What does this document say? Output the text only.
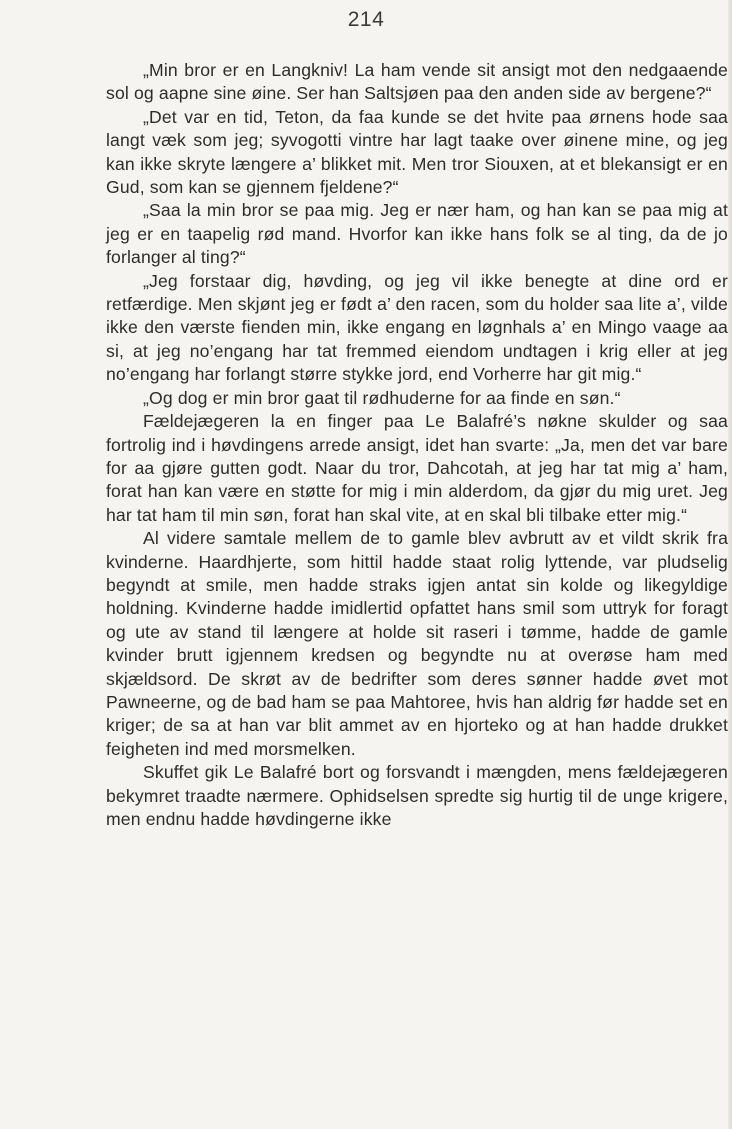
214

„Min bror er en Langkniv! La ham vende sit ansigt mot den nedgaaende sol og aapne sine øine. Ser han Saltsjøen paa den anden side av bergene?“

„Det var en tid, Teton, da faa kunde se det hvite paa ørnens hode saa langt væk som jeg; syvogotti vintre har lagt taake over øinene mine, og jeg kan ikke skryte længere a’ blikket mit. Men tror Siouxen, at et blekansigt er en Gud, som kan se gjennem fjeldene?“

„Saa la min bror se paa mig. Jeg er nær ham, og han kan se paa mig at jeg er en taapelig rød mand. Hvorfor kan ikke hans folk se al ting, da de jo forlanger al ting?“

„Jeg forstaar dig, høvding, og jeg vil ikke benegte at dine ord er retfærdige. Men skjønt jeg er født a’ den racen, som du holder saa lite a’, vilde ikke den værste fienden min, ikke engang en løgnhals a’ en Mingo vaage aa si, at jeg no’engang har tat fremmed eiendom undtagen i krig eller at jeg no’engang har forlangt større stykke jord, end Vorherre har git mig.“

„Og dog er min bror gaat til rødhuderne for aa finde en søn.“

Fældejægeren la en finger paa Le Balafré’s nøkne skulder og saa fortrolig ind i høvdingens arrede ansigt, idet han svarte: „Ja, men det var bare for aa gjøre gutten godt. Naar du tror, Dahcotah, at jeg har tat mig a’ ham, forat han kan være en støtte for mig i min alderdom, da gjør du mig uret. Jeg har tat ham til min søn, forat han skal vite, at en skal bli tilbake etter mig.“

Al videre samtale mellem de to gamle blev avbrutt av et vildt skrik fra kvinderne. Haardhjerte, som hittil hadde staat rolig lyttende, var pludselig begyndt at smile, men hadde straks igjen antat sin kolde og likegyldige holdning. Kvinderne hadde imidlertid opfattet hans smil som uttryk for foragt og ute av stand til længere at holde sit raseri i tømme, hadde de gamle kvinder brutt igjennem kredsen og begyndte nu at overøse ham med skjældsord. De skrøt av de bedrifter som deres sønner hadde øvet mot Pawneerne, og de bad ham se paa Mahtoree, hvis han aldrig før hadde set en kriger; de sa at han var blit ammet av en hjorteko og at han hadde drukket feigheten ind med morsmelken.

Skuffet gik Le Balafré bort og forsvandt i mængden, mens fældejægeren bekymret traadte nærmere. Ophidselsen spredte sig hurtig til de unge krigere, men endnu hadde høvdingerne ikke
